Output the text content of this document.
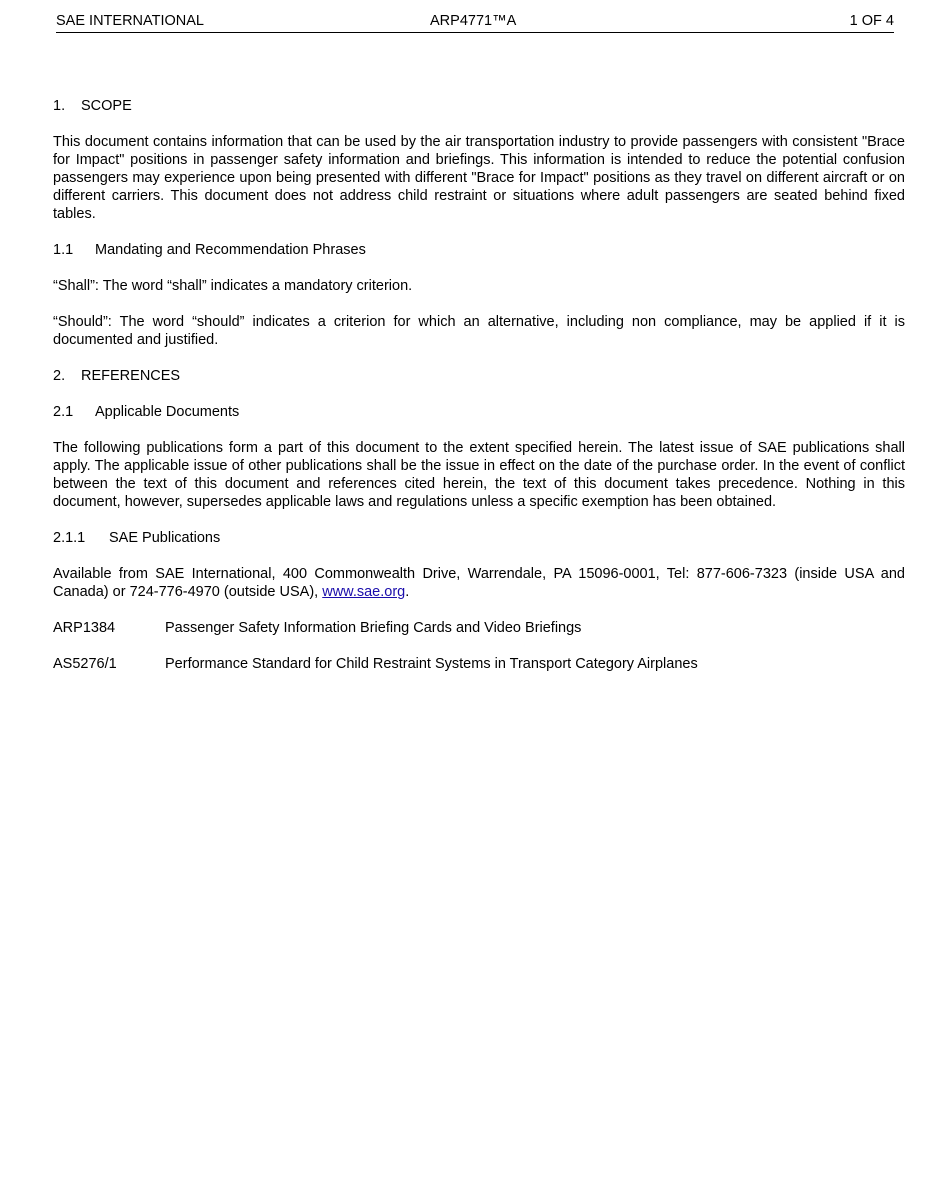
SAE INTERNATIONAL	ARP4771™A	1 OF 4
1. SCOPE

This document contains information that can be used by the air transportation industry to provide passengers with consistent "Brace for Impact" positions in passenger safety information and briefings. This information is intended to reduce the potential confusion passengers may experience upon being presented with different "Brace for Impact" positions as they travel on different aircraft or on different carriers. This document does not address child restraint or situations where adult passengers are seated behind fixed tables.

1.1 Mandating and Recommendation Phrases

“Shall”: The word “shall” indicates a mandatory criterion.

“Should”: The word “should” indicates a criterion for which an alternative, including non compliance, may be applied if it is documented and justified.

2. REFERENCES
2.1 Applicable Documents

The following publications form a part of this document to the extent specified herein. The latest issue of SAE publications shall apply. The applicable issue of other publications shall be the issue in effect on the date of the purchase order. In the event of conflict between the text of this document and references cited herein, the text of this document takes precedence. Nothing in this document, however, supersedes applicable laws and regulations unless a specific exemption has been obtained.

2.1.1 SAE Publications

Available from SAE International, 400 Commonwealth Drive, Warrendale, PA 15096-0001, Tel: 877-606-7323 (inside USA and Canada) or 724-776-4970 (outside USA), www.sae.org.

ARP1384	Passenger Safety Information Briefing Cards and Video Briefings
AS5276/1	Performance Standard for Child Restraint Systems in Transport Category Airplanes
